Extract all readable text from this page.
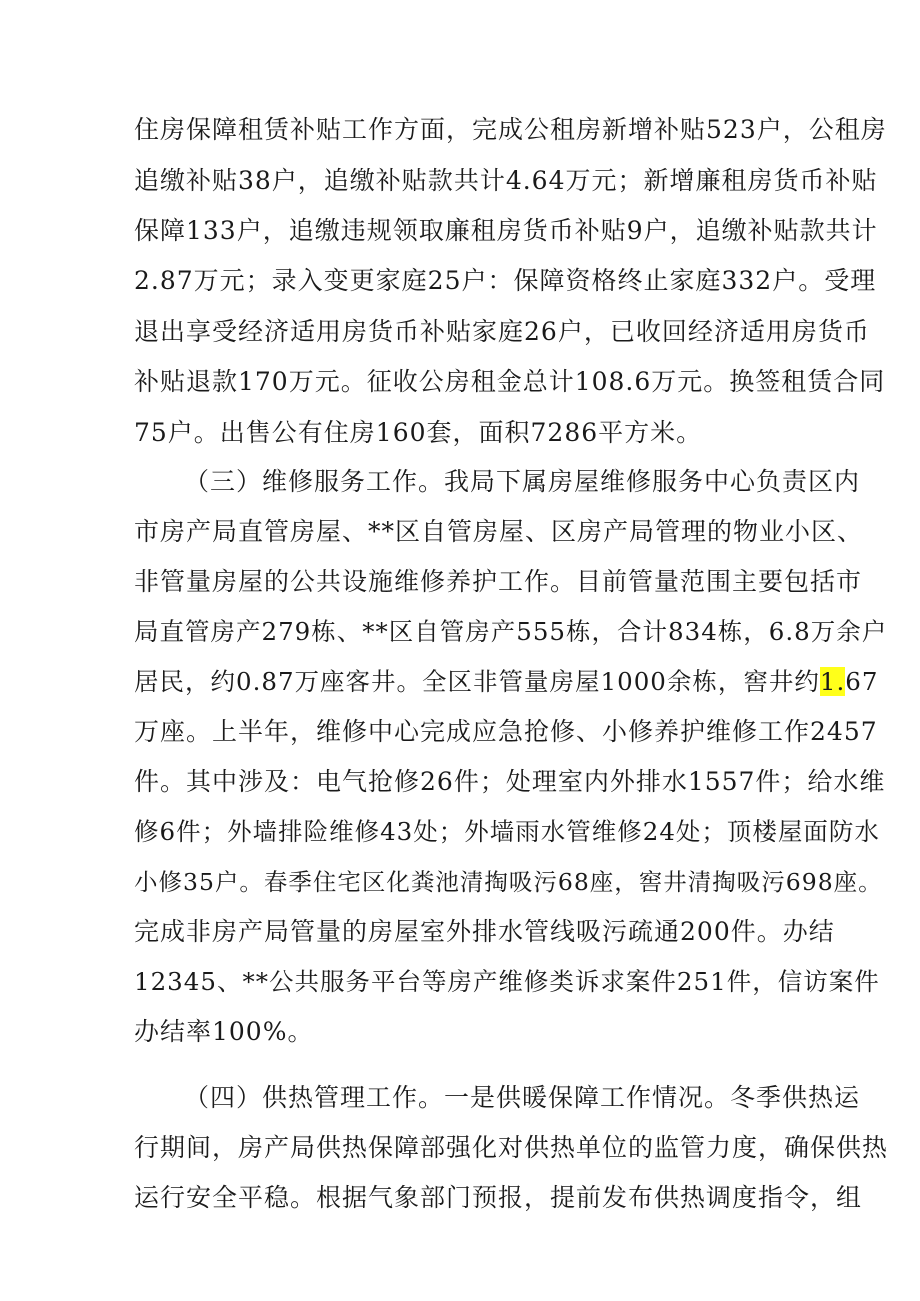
住房保障租赁补贴工作方面，完成公租房新增补贴523户，公租房
追缴补贴38户，追缴补贴款共计4.64万元；新增廉租房货币补贴
保障133户，追缴违规领取廉租房货币补贴9户，追缴补贴款共计
2.87万元；录入变更家庭25户：保障资格终止家庭332户。受理
退出享受经济适用房货币补贴家庭26户，已收回经济适用房货币
补贴退款170万元。征收公房租金总计108.6万元。换签租赁合同
75户。出售公有住房160套，面积7286平方米。
（三）维修服务工作。我局下属房屋维修服务中心负责区内
市房产局直管房屋、**区自管房屋、区房产局管理的物业小区、
非管量房屋的公共设施维修养护工作。目前管量范围主要包括市
局直管房产279栋、**区自管房产555栋，合计834栋，6.8万余户
居民，约0.87万座客井。全区非管量房屋1000余栋，窖井约1.67
万座。上半年，维修中心完成应急抢修、小修养护维修工作2457
件。其中涉及：电气抢修26件；处理室内外排水1557件；给水维
修6件；外墙排险维修43处；外墙雨水管维修24处；顶楼屋面防水
小修35户。春季住宅区化粪池清掏吸污68座，窖井清掏吸污698座。
完成非房产局管量的房屋室外排水管线吸污疏通200件。办结
12345、**公共服务平台等房产维修类诉求案件251件，信访案件
办结率100%。
（四）供热管理工作。一是供暖保障工作情况。冬季供热运
行期间，房产局供热保障部强化对供热单位的监管力度，确保供热
运行安全平稳。根据气象部门预报，提前发布供热调度指令，组
